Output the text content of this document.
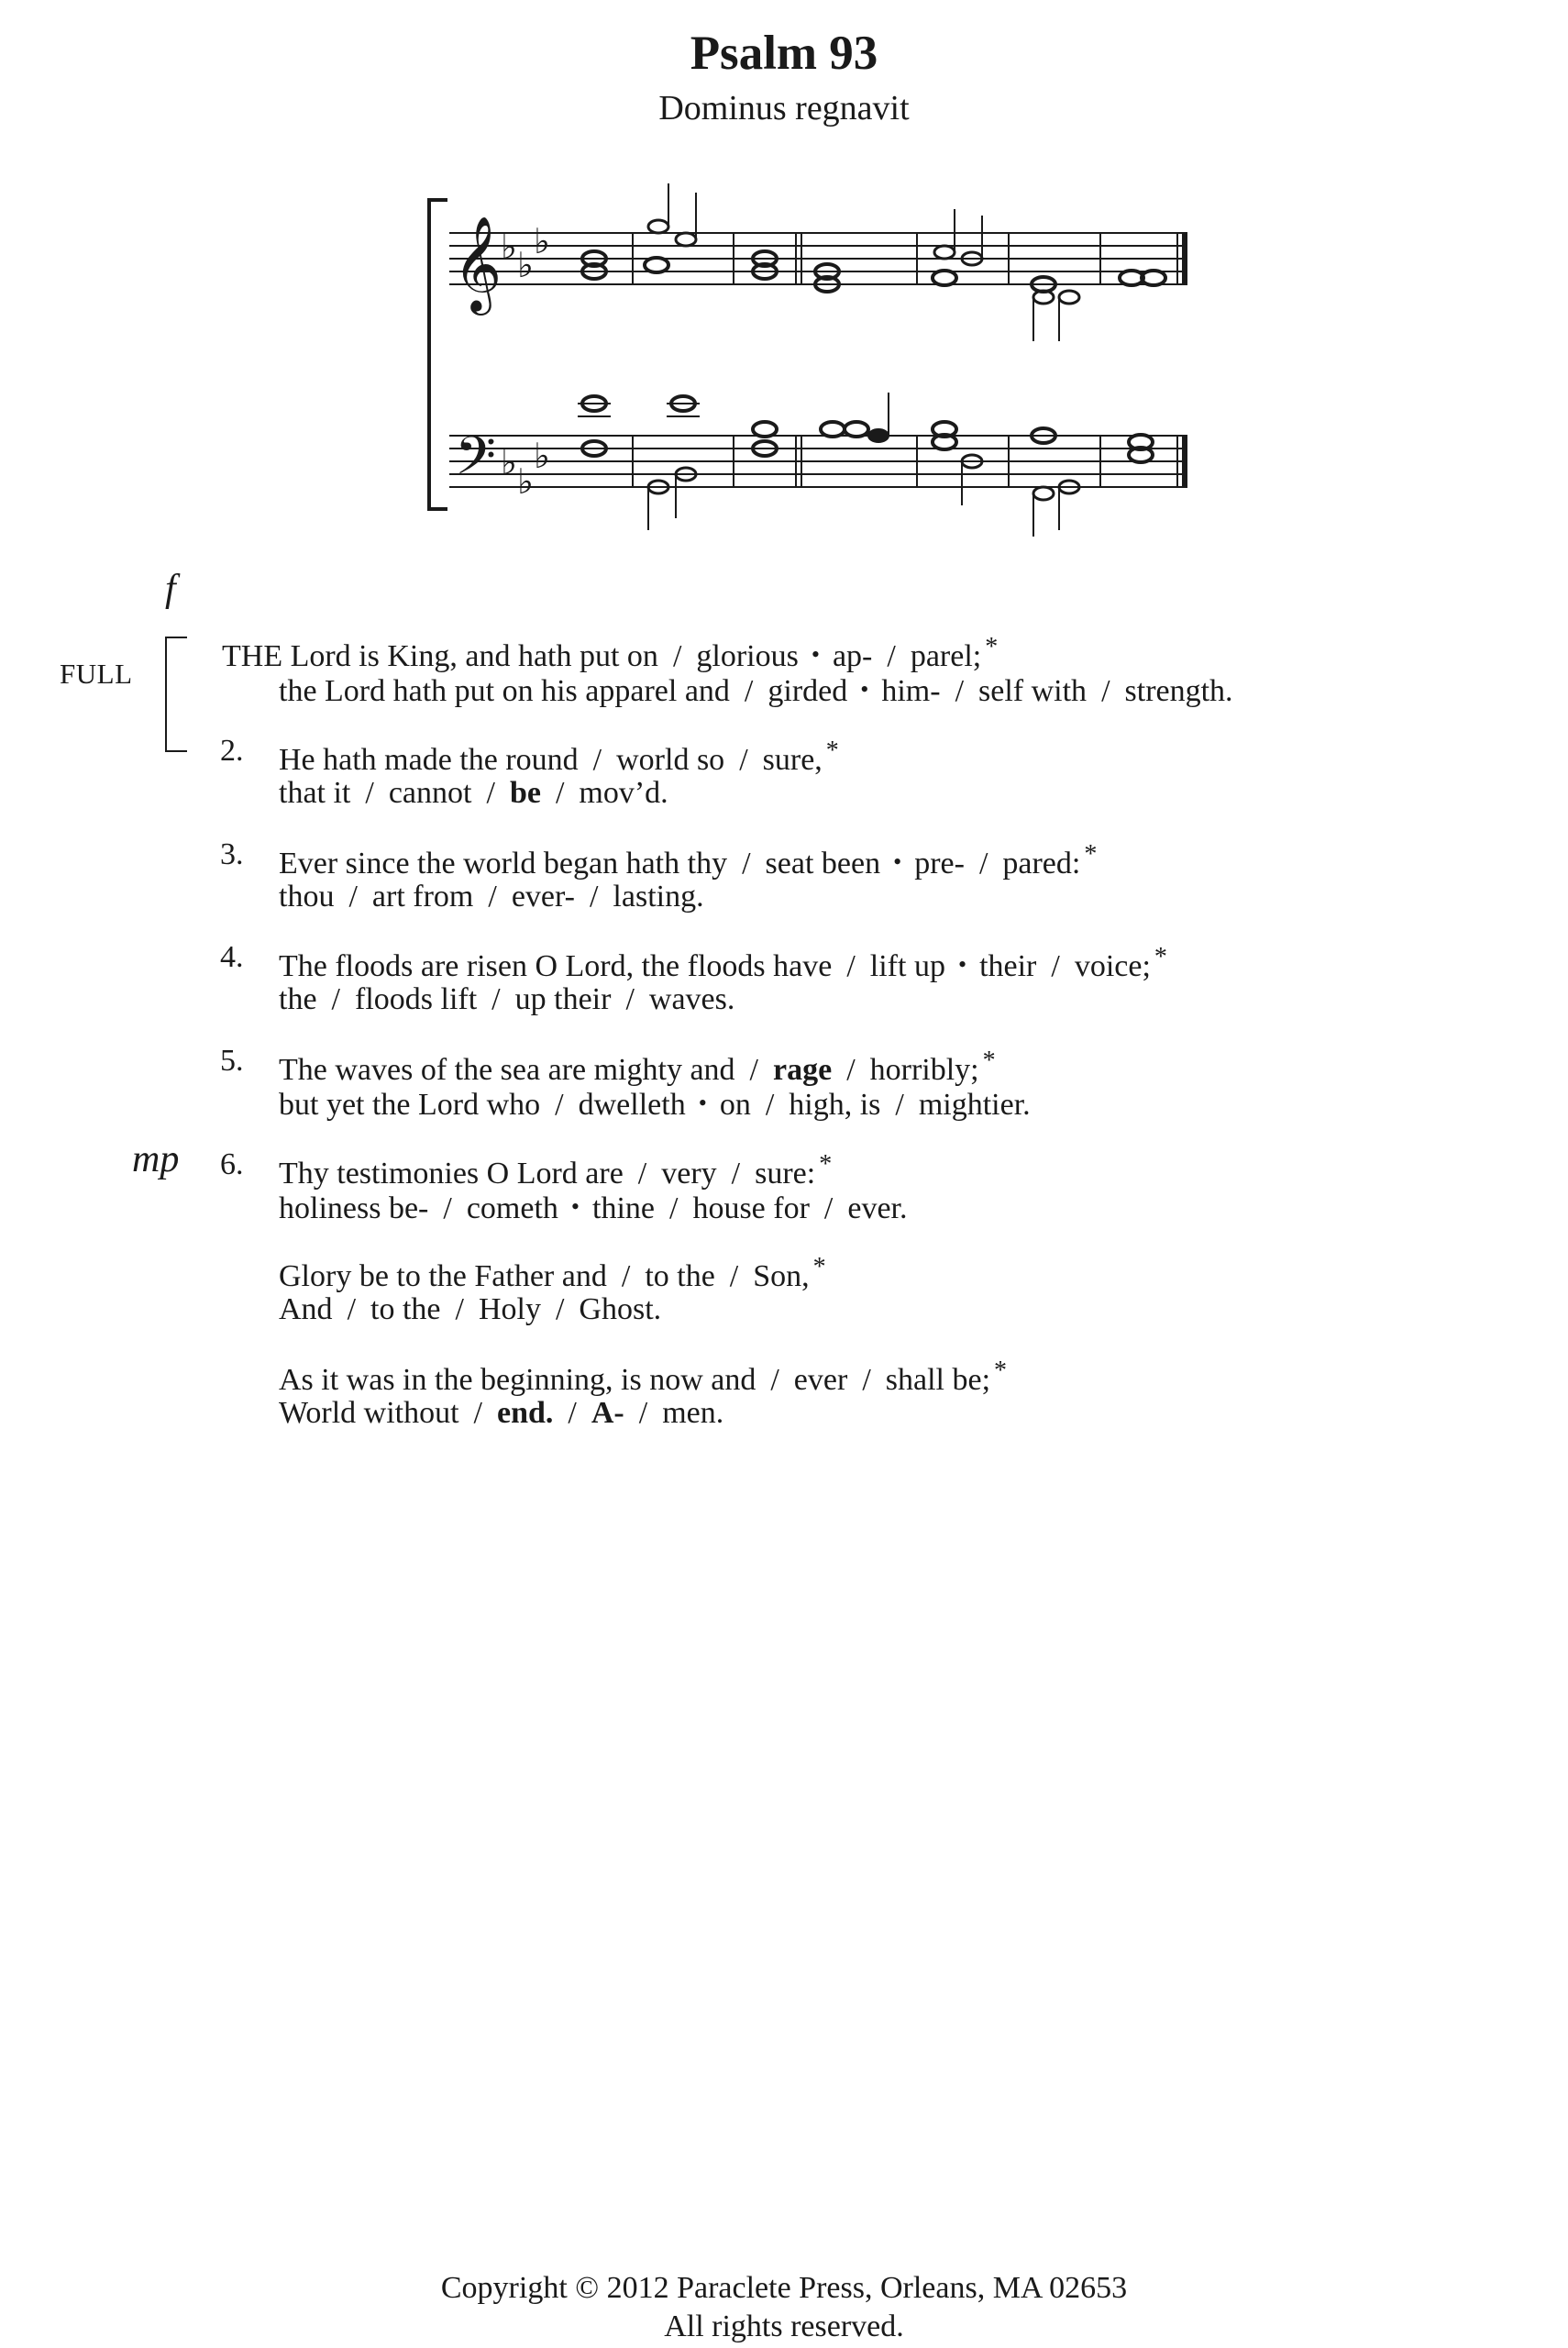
Psalm 93
Dominus regnavit
𝄞
𝄢
♭ ♭
♭
♭ ♭
♭
f
mp
FULL
THE Lord is King, and hath put on / glorious • ap- / parel; *
the Lord hath put on his apparel and / girded • him- / self with / strength.
2. He hath made the round / world so / sure, *
that it / cannot / be / mov’d.
3. Ever since the world began hath thy / seat been • pre- / pared: *
thou / art from / ever- / lasting.
4. The floods are risen O Lord, the floods have / lift up • their / voice; *
the / floods lift / up their / waves.
5. The waves of the sea are mighty and / rage / horribly; *
but yet the Lord who / dwelleth • on / high, is / mightier.
6. Thy testimonies O Lord are / very / sure: *
holiness be- / cometh • thine / house for / ever.
Glory be to the Father and / to the / Son, *
And / to the / Holy / Ghost.
As it was in the beginning, is now and / ever / shall be; *
World without / end. / A- / men.
Copyright © 2012 Paraclete Press, Orleans, MA 02653
All rights reserved.
